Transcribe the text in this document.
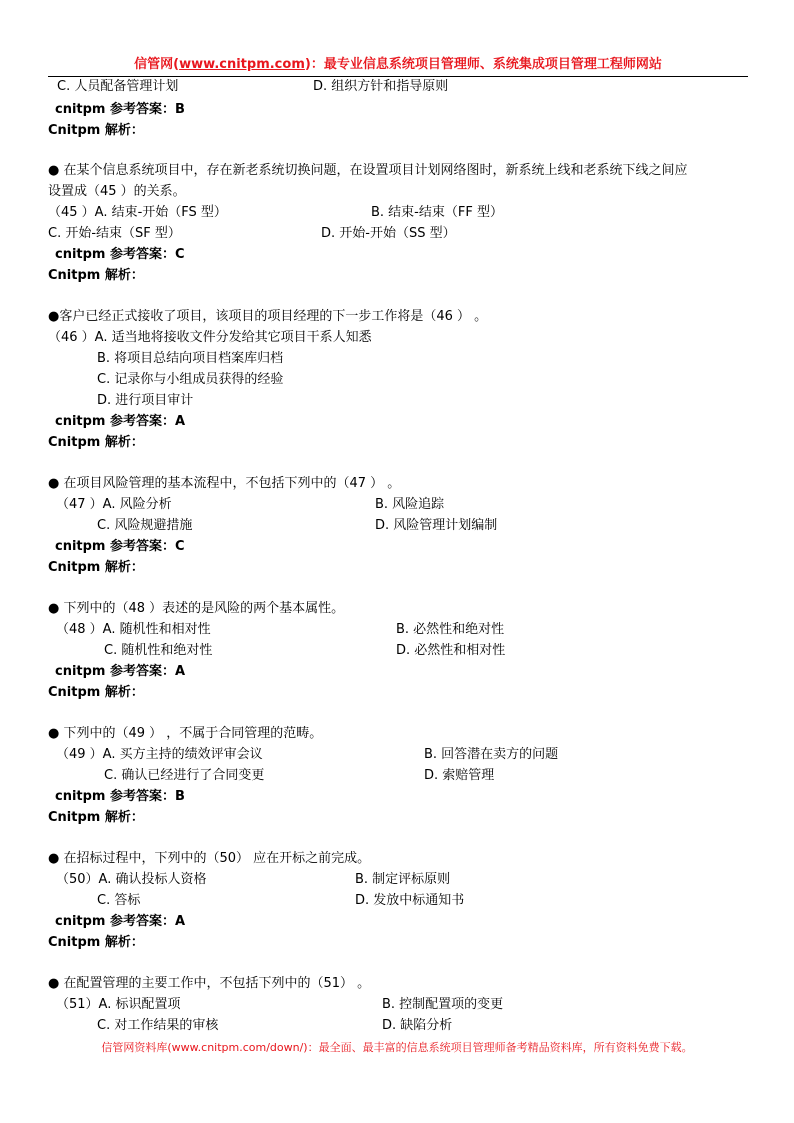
信管网(www.cnitpm.com)：最专业信息系统项目管理师、系统集成项目管理工程师网站
C. 人员配备管理计划	D. 组织方针和指导原则
cnitpm 参考答案：B
Cnitpm 解析：
● 在某个信息系统项目中，存在新老系统切换问题，在设置项目计划网络图时，新系统上线和老系统下线之间应
设置成（45 ）的关系。
（45 ）A. 结束-开始（FS 型）	B. 结束-结束（FF 型）
C. 开始-结束（SF 型）	D. 开始-开始（SS 型）
cnitpm 参考答案：C
Cnitpm 解析：
●客户已经正式接收了项目，该项目的项目经理的下一步工作将是（46 ） 。
（46 ）A. 适当地将接收文件分发给其它项目干系人知悉
B. 将项目总结向项目档案库归档
C. 记录你与小组成员获得的经验
D. 进行项目审计
cnitpm 参考答案：A
Cnitpm 解析：
● 在项目风险管理的基本流程中，不包括下列中的（47 ） 。
（47 ）A. 风险分析	B. 风险追踪
C. 风险规避措施	D. 风险管理计划编制
cnitpm 参考答案：C
Cnitpm 解析：
● 下列中的（48 ）表述的是风险的两个基本属性。
（48 ）A. 随机性和相对性	B. 必然性和绝对性
C. 随机性和绝对性	D. 必然性和相对性
cnitpm 参考答案：A
Cnitpm 解析：
● 下列中的（49 ） ，不属于合同管理的范畴。
（49 ）A. 买方主持的绩效评审会议	B. 回答潜在卖方的问题
C. 确认已经进行了合同变更	D. 索赔管理
cnitpm 参考答案：B
Cnitpm 解析：
● 在招标过程中，下列中的（50） 应在开标之前完成。
（50）A. 确认投标人资格	B. 制定评标原则
C. 答标	D. 发放中标通知书
cnitpm 参考答案：A
Cnitpm 解析：
● 在配置管理的主要工作中，不包括下列中的（51） 。
（51）A. 标识配置项	B. 控制配置项的变更
C. 对工作结果的审核	D. 缺陷分析
信管网资料库(www.cnitpm.com/down/)：最全面、最丰富的信息系统项目管理师备考精品资料库，所有资料免费下载。
